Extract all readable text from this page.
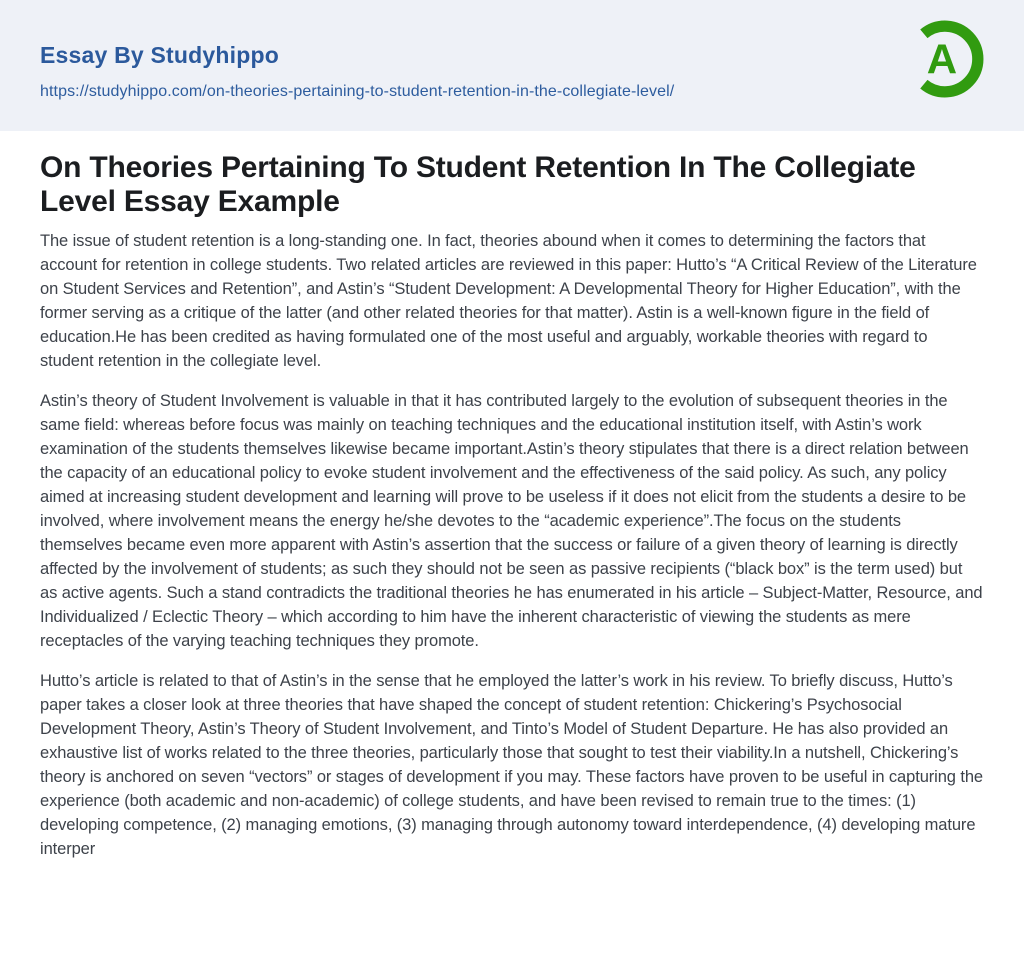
Essay By Studyhippo
https://studyhippo.com/on-theories-pertaining-to-student-retention-in-the-collegiate-level/
A
On Theories Pertaining To Student Retention In The Collegiate Level Essay Example

The issue of student retention is a long-standing one. In fact, theories abound when it comes to determining the factors that account for retention in college students. Two related articles are reviewed in this paper: Hutto’s “A Critical Review of the Literature on Student Services and Retention”, and Astin’s “Student Development: A Developmental Theory for Higher Education”, with the former serving as a critique of the latter (and other related theories for that matter). Astin is a well-known figure in the field of education.He has been credited as having formulated one of the most useful and arguably, workable theories with regard to student retention in the collegiate level.

Astin’s theory of Student Involvement is valuable in that it has contributed largely to the evolution of subsequent theories in the same field: whereas before focus was mainly on teaching techniques and the educational institution itself, with Astin’s work examination of the students themselves likewise became important.Astin’s theory stipulates that there is a direct relation between the capacity of an educational policy to evoke student involvement and the effectiveness of the said policy. As such, any policy aimed at increasing student development and learning will prove to be useless if it does not elicit from the students a desire to be involved, where involvement means the energy he/she devotes to the “academic experience”.The focus on the students themselves became even more apparent with Astin’s assertion that the success or failure of a given theory of learning is directly affected by the involvement of students; as such they should not be seen as passive recipients (“black box” is the term used) but as active agents. Such a stand contradicts the traditional theories he has enumerated in his article – Subject-Matter, Resource, and Individualized / Eclectic Theory – which according to him have the inherent characteristic of viewing the students as mere receptacles of the varying teaching techniques they promote.

Hutto’s article is related to that of Astin’s in the sense that he employed the latter’s work in his review. To briefly discuss, Hutto’s paper takes a closer look at three theories that have shaped the concept of student retention: Chickering’s Psychosocial Development Theory, Astin’s Theory of Student Involvement, and Tinto’s Model of Student Departure. He has also provided an exhaustive list of works related to the three theories, particularly those that sought to test their viability.In a nutshell, Chickering’s theory is anchored on seven “vectors” or stages of development if you may. These factors have proven to be useful in capturing the experience (both academic and non-academic) of college students, and have been revised to remain true to the times: (1) developing competence, (2) managing emotions, (3) managing through autonomy toward interdependence, (4) developing mature interper
